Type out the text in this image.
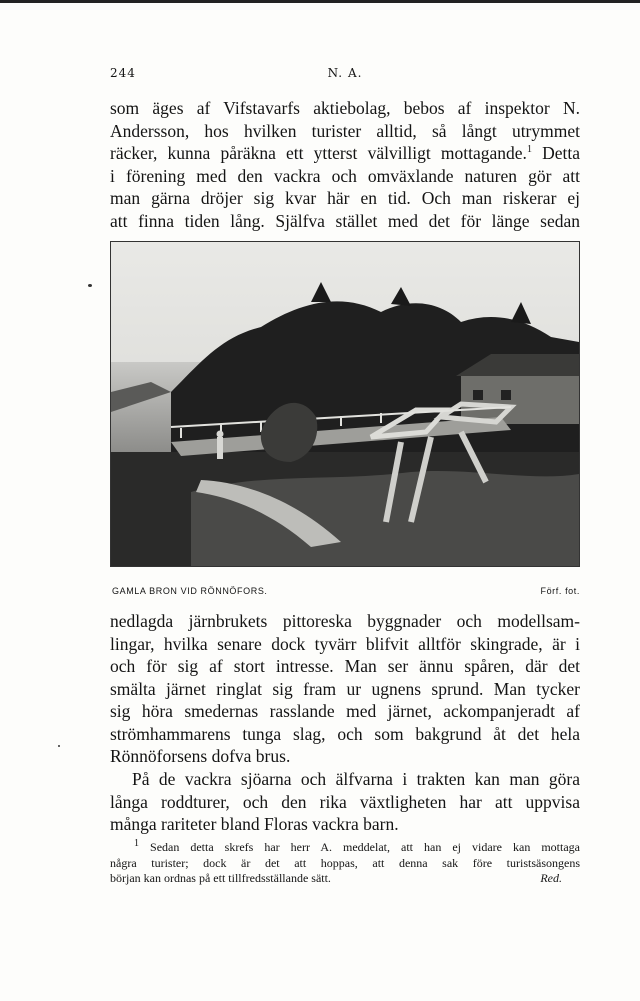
244	N. A.
som äges af Vifstavarfs aktiebolag, bebos af inspektor N.
Andersson, hos hvilken turister alltid, så långt utrymmet
räcker, kunna påräkna ett ytterst välvilligt mottagande.$^1$ Detta
i förening med den vackra och omväxlande naturen gör att
man gärna dröjer sig kvar här en tid. Och man riskerar ej
att finna tiden lång. Själfva stället med det för länge sedan
GAMLA BRON VID RÖNNÖFORS.	Förf. fot.
nedlagda järnbrukets pittoreska byggnader och modellsam-
lingar, hvilka senare dock tyvärr blifvit alltför skingrade, är i
och för sig af stort intresse. Man ser ännu spåren, där det
smälta järnet ringlat sig fram ur ugnens sprund. Man tycker
sig höra smedernas rasslande med järnet, ackompanjeradt af
strömhammarens tunga slag, och som bakgrund åt det hela
Rönnöforsens dofva brus.
På de vackra sjöarna och älfvarna i trakten kan man göra
långa roddturer, och den rika växtligheten har att uppvisa
många rariteter bland Floras vackra barn.
$^1$ Sedan detta skrefs har herr A. meddelat, att han ej vidare kan mottaga
några turister; dock är det att hoppas, att denna sak före turistsäsongens
början kan ordnas på ett tillfredsställande sätt.	Red.
